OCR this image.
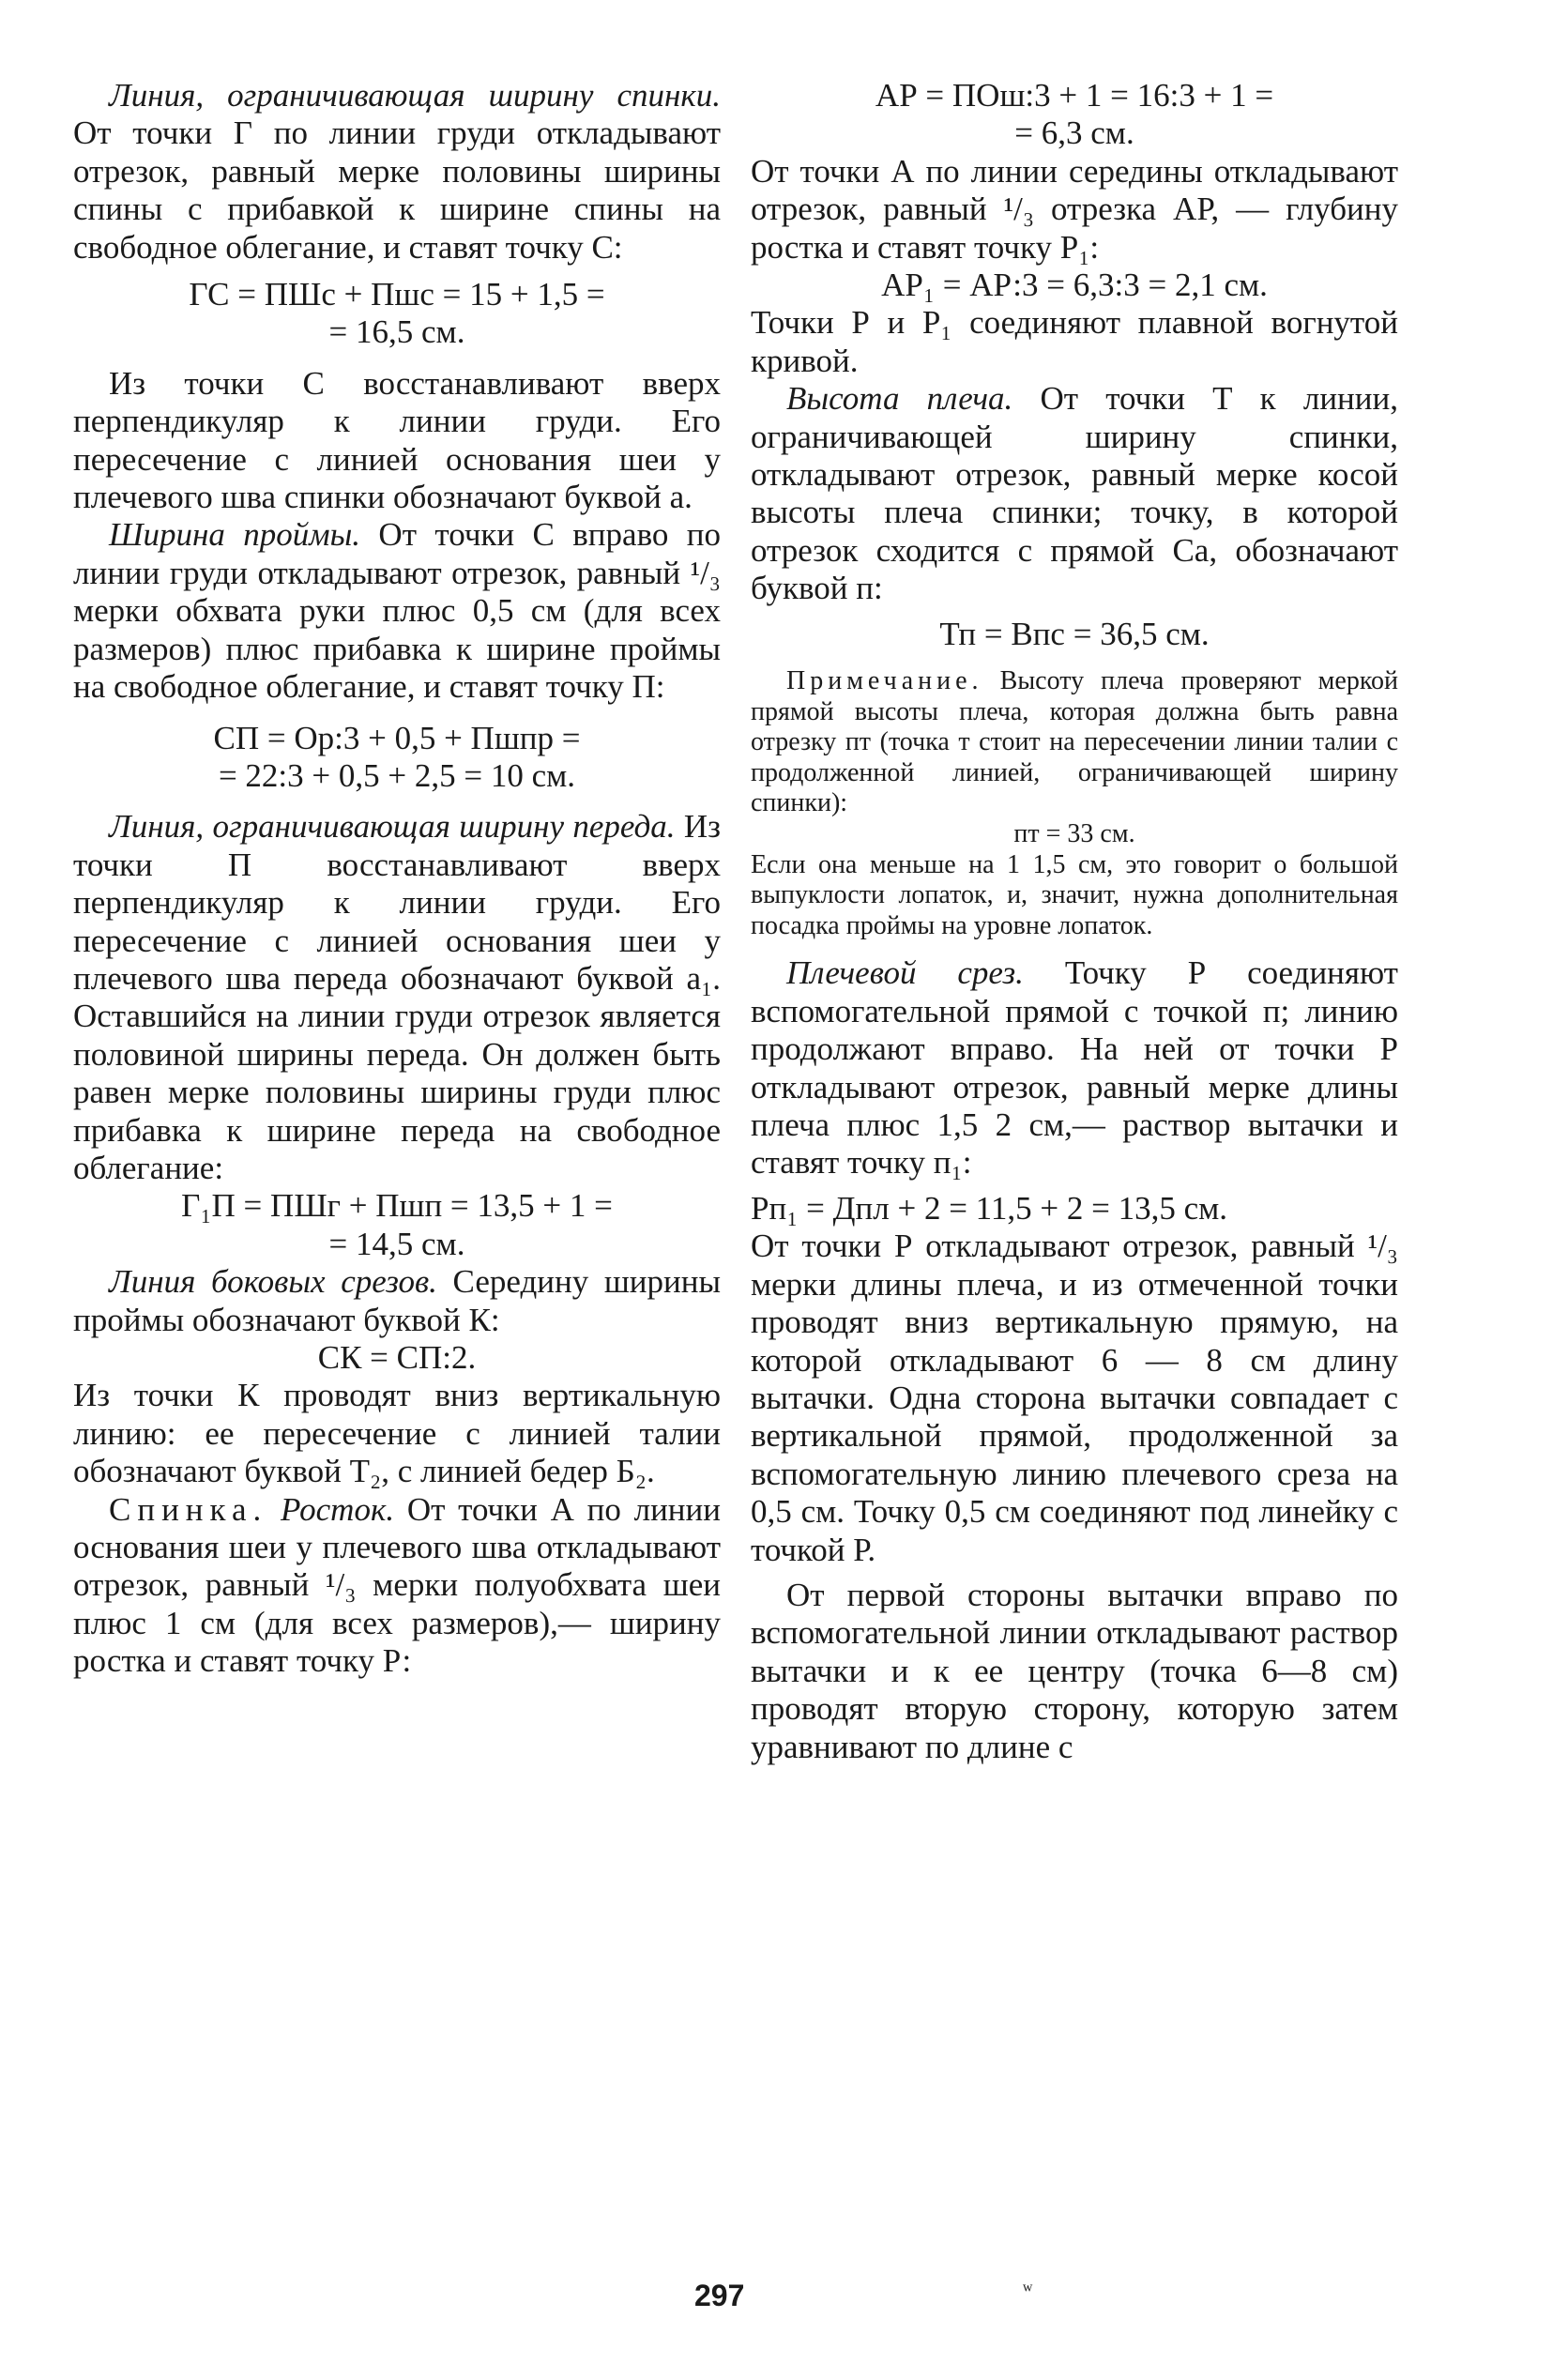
Линия, ограничивающая ширину спинки. От точки Г по линии груди откладывают отрезок, равный мерке половины ширины спины с прибавкой к ширине спины на свободное облегание, и ставят точку С:

ГС = ПШс + Пшс = 15 + 1,5 =

= 16,5 см.

Из точки С восстанавливают вверх перпендикуляр к линии груди. Его пересечение с линией основания шеи у плечевого шва спинки обозначают буквой а.

Ширина проймы. От точки С вправо по линии груди откладывают отрезок, равный ¹/₃ мерки обхвата руки плюс 0,5 см (для всех размеров) плюс прибавка к ширине проймы на свободное облегание, и ставят точку П:

СП = Ор:3 + 0,5 + Пшпр =

= 22:3 + 0,5 + 2,5 = 10 см.

Линия, ограничивающая ширину переда. Из точки П восстанавливают вверх перпендикуляр к линии груди. Его пересечение с линией основания шеи у плечевого шва переда обозначают буквой а₁. Оставшийся на линии груди отрезок является половиной ширины переда. Он должен быть равен мерке половины ширины груди плюс прибавка к ширине переда на свободное облегание:

Г₁П = ПШг + Пшп = 13,5 + 1 =

= 14,5 см.

Линия боковых срезов. Середину ширины проймы обозначают буквой К:

СК = СП:2.

Из точки К проводят вниз вертикальную линию: ее пересечение с линией талии обозначают буквой Т₂, с линией бедер Б₂.

Спинка. Росток. От точки А по линии основания шеи у плечевого шва откладывают отрезок, равный ¹/₃ мерки полуобхвата шеи плюс 1 см (для всех размеров),— ширину ростка и ставят точку Р:

АР = ПОш:3 + 1 = 16:3 + 1 =

= 6,3 см.

От точки А по линии середины откладывают отрезок, равный ¹/₃ отрезка АР, — глубину ростка и ставят точку Р₁:

АР₁ = АР:3 = 6,3:3 = 2,1 см.

Точки Р и Р₁ соединяют плавной вогнутой кривой.

Высота плеча. От точки Т к линии, ограничивающей ширину спинки, откладывают отрезок, равный мерке косой высоты плеча спинки; точку, в которой отрезок сходится с прямой Са, обозначают буквой п:

Тп = Впс = 36,5 см.

Примечание. Высоту плеча проверяют меркой прямой высоты плеча, которая должна быть равна отрезку пт (точка т стоит на пересечении линии талии с продолженной линией, ограничивающей ширину спинки):

пт = 33 см.

Если она меньше на 1 1,5 см, это говорит о большой выпуклости лопаток, и, значит, нужна дополнительная посадка проймы на уровне лопаток.

Плечевой срез. Точку Р соединяют вспомогательной прямой с точкой п; линию продолжают вправо. На ней от точки Р откладывают отрезок, равный мерке длины плеча плюс 1,5 2 см,— раствор вытачки и ставят точку п₁:

Рп₁ = Дпл + 2 = 11,5 + 2 = 13,5 см.

От точки Р откладывают отрезок, равный ¹/₃ мерки длины плеча, и из отмеченной точки проводят вниз вертикальную прямую, на которой откладывают 6 — 8 см длину вытачки. Одна сторона вытачки совпадает с вертикальной прямой, продолженной за вспомогательную линию плечевого среза на 0,5 см. Точку 0,5 см соединяют под линейку с точкой Р.

От первой стороны вытачки вправо по вспомогательной линии откладывают раствор вытачки и к ее центру (точка 6—8 см) проводят вторую сторону, которую затем уравнивают по длине с

297	ʷ
